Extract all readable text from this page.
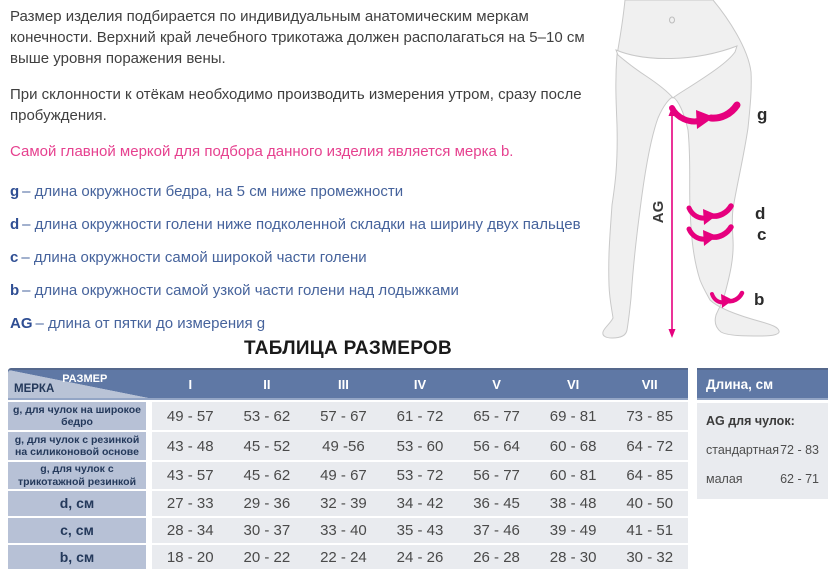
Размер изделия подбирается по индивидуальным анатомическим меркам конечности. Верхний край лечебного трикотажа должен располагаться на 5–10 см выше уровня поражения вены.

При склонности к отёкам необходимо производить измерения утром, сразу после пробуждения.

Самой главной меркой для подбора данного изделия является мерка b.

g – длина окружности бедра, на 5 см ниже промежности
d – длина окружности голени ниже подколенной складки на ширину двух пальцев
c – длина окружности самой широкой части голени
b – длина окружности самой узкой части голени над лодыжками
AG – длина от пятки до измерения g
AG
g
d
c
b
ТАБЛИЦА РАЗМЕРОВ
РАЗМЕР
МЕРКА	I	II	III	IV	V	VI	VII
g, для чулок на широкое бедро	49 - 57	53 - 62	57 - 67	61 - 72	65 - 77	69 - 81	73 - 85
g, для чулок с резинкой на силиконовой основе	43 - 48	45 - 52	49 -56	53 - 60	56 - 64	60 - 68	64 - 72
g, для чулок с трикотажной резинкой	43 - 57	45 - 62	49 - 67	53 - 72	56 - 77	60 - 81	64 - 85
d, см	27 - 33	29 - 36	32 - 39	34 - 42	36 - 45	38 - 48	40 - 50
c, см	28 - 34	30 - 37	33 - 40	35 - 43	37 - 46	39 - 49	41 - 51
b, см	18 - 20	20 - 22	22 - 24	24 - 26	26 - 28	28 - 30	30 - 32
Длина, см
AG для чулок:
стандартная 72 - 83
малая	62 - 71
